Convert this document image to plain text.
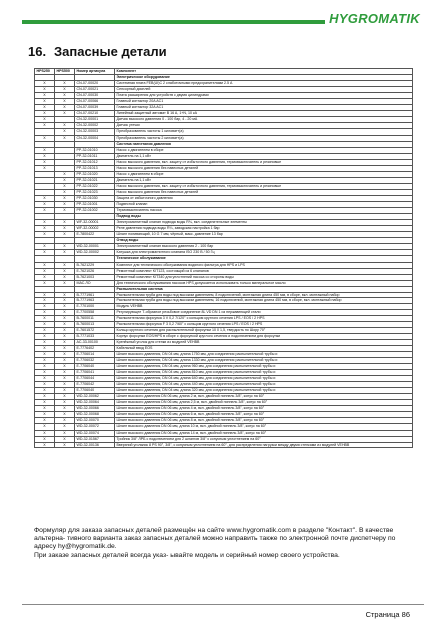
HYGROMATIK
16. Запасные детали
HPS250	HPS500	Номер артикула	Компонент
			Электрическое оборудование
X	X	CN-07-00020	Системная плата FEB(UI)С 2 слаботочными предохранителями 2.5 А
X	X	CN-07-00021	Сенсорный дисплей
X	X	CN-07-00030	Плата расширения для устройств с двумя цилиндрами
X	X	CN-07-00066	Главный контактор 20A AC1
X	X	CN-07-00039	Главный контактор 32A AC1
X	X	CN-07-00210	Линейный защитный автомат B 16 A, 1+N, 10 кА
X		CN-32-00001	Датчик высокого давления 0 - 100 бар, 4 - 20 мА
X	X	CN-32-00002	Датчик утечки
	X	CN-32-00003	Преобразователь частоты 1 киловатт(а)
X	X	CN-32-00004	Преобразователь частоты 2 киловатт(а)
			Система нагнетания давления
X		PP-32-01010	Насос с двигателем в сборе
X		PP-32-01011	Двигатель на 1,1 кВт
X		PP-32-01012	Насос высокого давления, вкл. защиту от избыточного давления, термовыключатель и резиновые
X		PP-32-01013	Насос высокого давления без навесных деталей
	X	PP-32-01020	Насос с двигателем в сборе
	X	PP-32-01021	Двигатель на 1,1 кВт
	X	PP-32-01022	Насос высокого давления, вкл. защиту от избыточного давления, термовыключатель и резиновые
	X	PP-32-01023	Насос высокого давления без навесных деталей
X	X	PP-32-01030	Защита от избыточного давления
X	X	PP-32-01001	Подвесной клапан
X	X	PP-32-01002	Термовыключатель насоса
			Подвод воды
X	X	WF-32-00001	Электромагнитный клапан подвода воды R¾, вкл. соединительные элементы
X	X	WF-32-00002	Реле давления подвода воды R¼, заводская настройка 1 бар
X	X	E-7800422	Шланг поливающий, 10 G 7 мм, чёрный, макс. давление 13 бар
			Отвод воды
X	X	WD-32-00001	Электромагнитный клапан высокого давления 2 - 100 бар
X	X	WD-32-00002	Катушка для электромагнитного клапана ISO 230 В / 50 Гц
			Техническое обслуживание
X	X	B-7621229	Комплект для технического обслуживания водяного фильтра для HPS и LPS
X	X	E-7621026	Ремонтный комплект KIT123, состоящий из 6 клапанов
X	X	B-7621003	Ремонтный комплект KIT340 для уплотнений насоса со стороны воды
X	X	МАС.ЛО	Для технического обслуживания насосов HPS допускается использовать только минеральное масло
			Распылительная система
X	X	B-7771961	Распылительная труба для воды под высоким давлением, 8 подключений, монтажная длина 450 мм, в сборе, вкл. монтажный набор
X	X	B-7771963	Распылительная труба для воды под высоким давлением, 16 подключений, монтажная длина 450 мм, в сборе, вкл. монтажный набор
X	X	E-7701000	Модуль VEHBB
X	X	E-7700558	Регулирующее Т-образное резьбовое соединение 8L VD DN 1 из нержавеющей стали
X	X	B-7600011	Распылительная форсунка 3 V 0,2 7/120° с кольцом круглого сечения LPS / EOS / 2 HPS
X	X	B-7600013	Распылительная форсунка F 3 0,2 7/60° с кольцом круглого сечения LPS / EOS / 2 HPS
X	X	E-7601572	Кольцо круглого сечения для распылительной форсунки 10 0 1,5, твердость по Шору 70°
X	X	B-7771033	Корпус форсунки EOS/HPS в сборе с форсункой круглого сечения и подключением для форсунки
X	X	AC-33-00100	Крепёжный уголок для стенки из модулей VEHBB
X	X	E-7776402	Кабельный ввод EOS
X	X	E-7706014	Шланг высокого давления, DN 04 мм, длина 1750 мм, для соединения распылительной трубы и
X	X	E-7706032	Шланг высокого давления, DN 04 мм, длина 1330 мм, для соединения распылительной трубы и
X	X	E-7706040	Шланг высокого давления, DN 04 мм, длина 960 мм, для соединения распылительной трубы и
X	X	E-7706041	Шланг высокого давления, DN 04 мм, длина 810 мм, для соединения распылительной трубы и
X	X	E-7706044	Шланг высокого давления, DN 04 мм, длина 640 мм, для соединения распылительной трубы и
X	X	E-7706042	Шланг высокого давления, DN 04 мм, длина 440 мм, для соединения распылительной трубы и
X	X	E-7706040	Шланг высокого давления, DN 04 мм, длина 320 мм, для соединения распылительной трубы и
X	X	WD-32-00062	Шланг высокого давления DN 06 мм, длина 2 м, вкл. двойной ниппель 3/8", конус на 60°
X	X	WD-32-00064	Шланг высокого давления DN 06 мм, длина 2,5 м, вкл. двойной ниппель 3/8", конус на 60°
X	X	WD-32-00066	Шланг высокого давления DN 06 мм, длина 4 м, вкл. двойной ниппель 3/8", конус на 60°
X	X	WD-32-00068	Шланг высокого давления DN 06 мм, длина 6 м, вкл. двойной ниппель 3/8", конус на 60°
X	X	WD-32-00070	Шланг высокого давления DN 06 мм, длина 8 м, вкл. двойной ниппель 3/8", конус на 60°
X	X	WD-32-00072	Шланг высокого давления DN 06 мм, длина 10 м, вкл. двойной ниппель 3/8", конус на 60°
X	X	WD-32-00074	Шланг высокого давления DN 06 мм, длина 14 м, вкл. двойной ниппель 3/8", конус на 60°
X	X	WD-32-01567	Тройник 3/8" ЛРБ с подключением для 2 шлангов 3/8" с конусным уплотнением на 60°
X	X	WD-32-00136	Вверхний угольник 8 PS 90°, 3/8", с конусным уплотнением на 60°, для распределения нагрузки между двумя стенками из модулей VEHBB
Формуляр для заказа запасных деталей размещён на сайте www.hygromatik.com в разделе "Контакт". В качестве альтерна- тивного варианта заказ запасных деталей можно направить также по электронной почте диспетчеру по адресу hy@hygromatik.de.
При заказе запасных деталей всегда указ- ывайте модель и серийный номер своего устройства.
Страница 86
